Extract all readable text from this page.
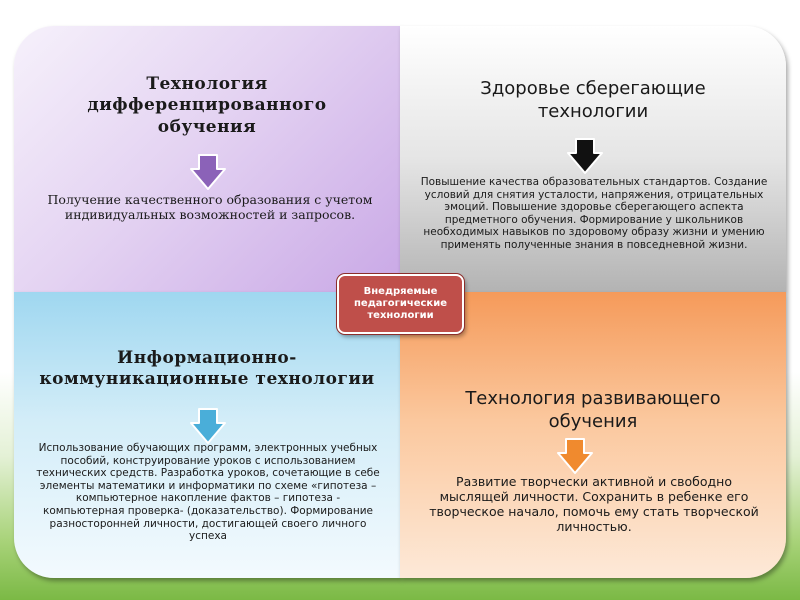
Технология дифференцированного обучения
Получение качественного образования с учетом индивидуальных возможностей и запросов.
Здоровье сберегающие технологии
Повышение качества образовательных стандартов. Создание условий для снятия усталости, напряжения, отрицательных эмоций. Повышение здоровье сберегающего аспекта предметного обучения. Формирование у школьников необходимых навыков по здоровому образу жизни и умению применять полученные знания в повседневной жизни.
Информационно-коммуникационные технологии
Использование обучающих программ, электронных учебных пособий, конструирование уроков с использованием технических средств. Разработка уроков, сочетающие в себе элементы математики и информатики по схеме «гипотеза – компьютерное накопление фактов – гипотеза - компьютерная проверка- (доказательство). Формирование разносторонней личности, достигающей своего личного успеха
Технология развивающего обучения
Развитие творчески активной и свободно мыслящей личности. Сохранить в ребенке его творческое начало, помочь ему стать творческой личностью.
Внедряемые педагогические технологии
